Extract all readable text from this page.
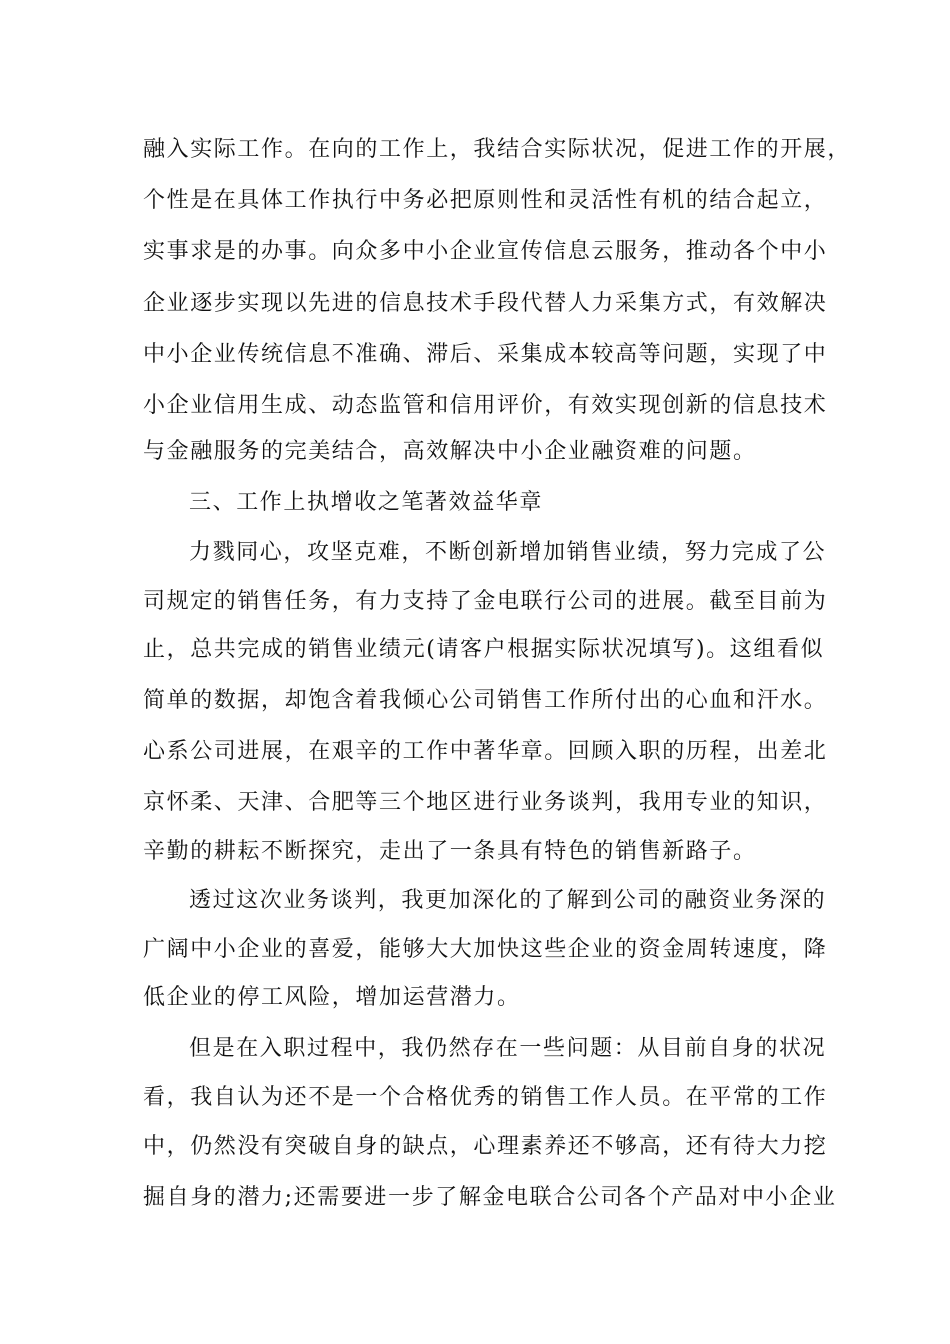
融入实际工作。在向的工作上，我结合实际状况，促进工作的开展，
个性是在具体工作执行中务必把原则性和灵活性有机的结合起立，
实事求是的办事。向众多中小企业宣传信息云服务，推动各个中小
企业逐步实现以先进的信息技术手段代替人力采集方式，有效解决
中小企业传统信息不准确、滞后、采集成本较高等问题，实现了中
小企业信用生成、动态监管和信用评价，有效实现创新的信息技术
与金融服务的完美结合，高效解决中小企业融资难的问题。
三、工作上执增收之笔著效益华章
力戮同心，攻坚克难，不断创新增加销售业绩，努力完成了公
司规定的销售任务，有力支持了金电联行公司的进展。截至目前为
止，总共完成的销售业绩元(请客户根据实际状况填写)。这组看似
简单的数据，却饱含着我倾心公司销售工作所付出的心血和汗水。
心系公司进展，在艰辛的工作中著华章。回顾入职的历程，出差北
京怀柔、天津、合肥等三个地区进行业务谈判，我用专业的知识，
辛勤的耕耘不断探究，走出了一条具有特色的销售新路子。
透过这次业务谈判，我更加深化的了解到公司的融资业务深的
广阔中小企业的喜爱，能够大大加快这些企业的资金周转速度，降
低企业的停工风险，增加运营潜力。
但是在入职过程中，我仍然存在一些问题：从目前自身的状况
看，我自认为还不是一个合格优秀的销售工作人员。在平常的工作
中，仍然没有突破自身的缺点，心理素养还不够高，还有待大力挖
掘自身的潜力;还需要进一步了解金电联合公司各个产品对中小企业
